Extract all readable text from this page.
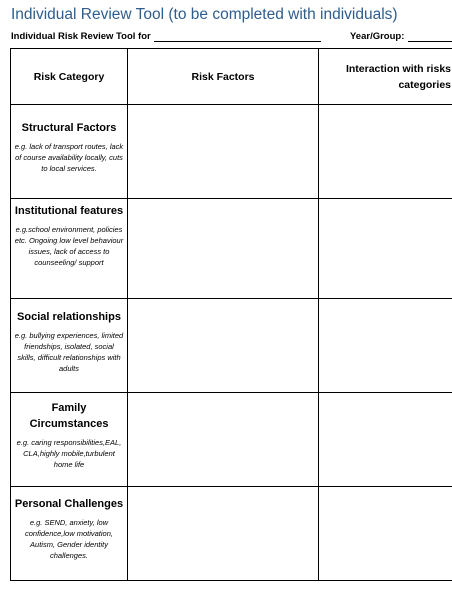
Individual Review Tool (to be completed with individuals)
Individual Risk Review Tool for	Year/Group:
Risk Category	Risk Factors
Interaction with risks
categories
Structural Factors
e.g. lack of transport routes, lack of course availability locally, cuts to local services.
Institutional features
e.g.school environment, policies etc. Ongoing low level behaviour issues, lack of access to counseeling/ support
Social relationships
e.g. bullying experiences, limited friendships, isolated, social skills, difficult relationships with adults
Family Circumstances
e.g. caring responsibilities,EAL, CLA,highly mobile,turbulent home life
Personal Challenges
e.g. SEND, anxiety, low confidence,low motivation, Autism, Gender identity challenges.
